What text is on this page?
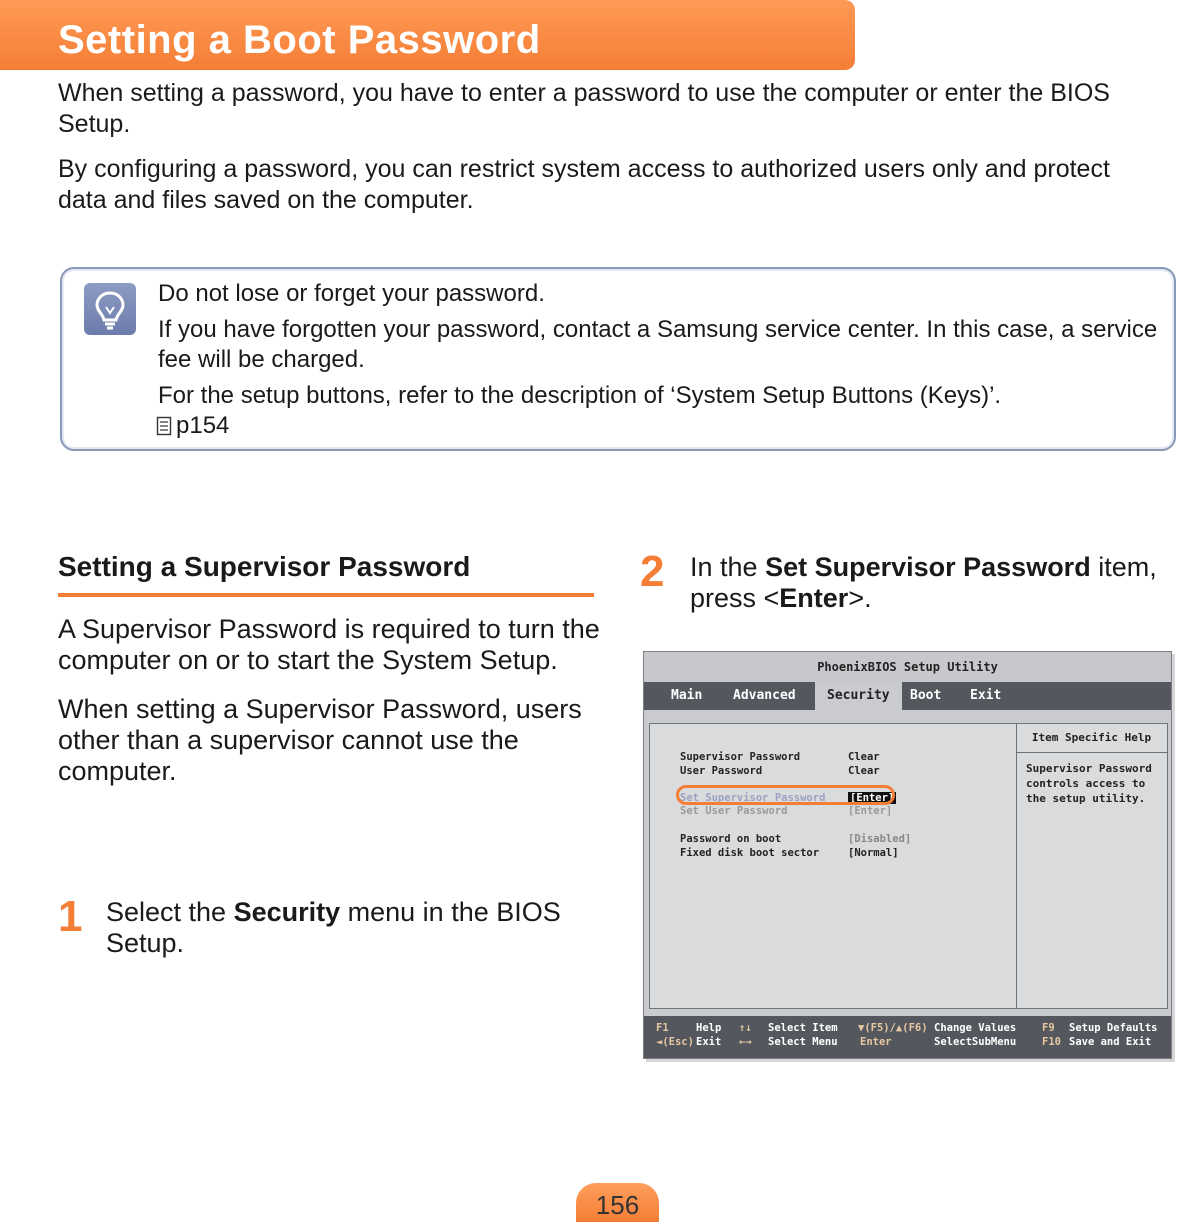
Setting a Boot Password

When setting a password, you have to enter a password to use the computer or enter the BIOS Setup.

By configuring a password, you can restrict system access to authorized users only and protect data and files saved on the computer.

Do not lose or forget your password.

If you have forgotten your password, contact a Samsung service center. In this case, a service fee will be charged.

For the setup buttons, refer to the description of ‘System Setup Buttons (Keys)’.

p154
Setting a Supervisor Password

A Supervisor Password is required to turn the computer on or to start the System Setup.

When setting a Supervisor Password, users other than a supervisor cannot use the computer.

1 Select the Security menu in the BIOS Setup.
2 In the Set Supervisor Password item, press <Enter>.
PhoenixBIOS Setup Utility
Main Advanced	Security	Boot Exit
Supervisor Password	Clear
User Password	Clear
Set Supervisor Password [Enter]
Set User Password	[Enter]
Password on boot	[Disabled]
Fixed disk boot sector	[Normal]
Item Specific Help
Supervisor Password controls access to the setup utility.
F1	Help
◄(Esc) Exit
↑↓ Select Item
←→ Select Menu
▼(F5)/▲(F6) Change Values
Enter	SelectSubMenu
F9 Setup Defaults
F10 Save and Exit
156
